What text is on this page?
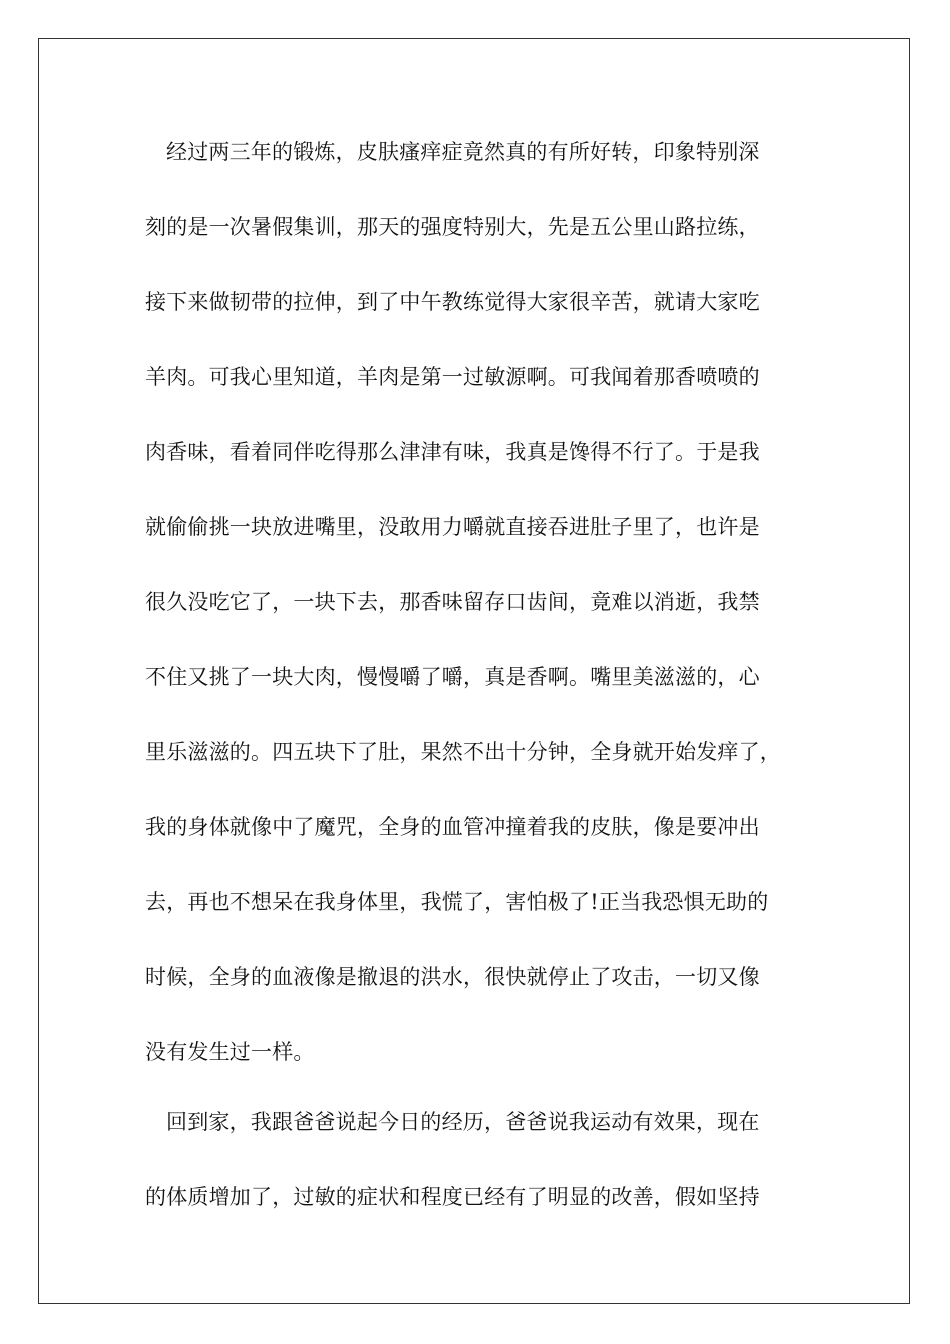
经过两三年的锻炼，皮肤瘙痒症竟然真的有所好转，印象特别深
刻的是一次暑假集训，那天的强度特别大，先是五公里山路拉练，
接下来做韧带的拉伸，到了中午教练觉得大家很辛苦，就请大家吃
羊肉。可我心里知道，羊肉是第一过敏源啊。可我闻着那香喷喷的
肉香味，看着同伴吃得那么津津有味，我真是馋得不行了。于是我
就偷偷挑一块放进嘴里，没敢用力嚼就直接吞进肚子里了，也许是
很久没吃它了，一块下去，那香味留存口齿间，竟难以消逝，我禁
不住又挑了一块大肉，慢慢嚼了嚼，真是香啊。嘴里美滋滋的，心
里乐滋滋的。四五块下了肚，果然不出十分钟，全身就开始发痒了，
我的身体就像中了魔咒，全身的血管冲撞着我的皮肤，像是要冲出
去，再也不想呆在我身体里，我慌了，害怕极了!正当我恐惧无助的
时候，全身的血液像是撤退的洪水，很快就停止了攻击，一切又像
没有发生过一样。
回到家，我跟爸爸说起今日的经历，爸爸说我运动有效果，现在
的体质增加了，过敏的症状和程度已经有了明显的改善，假如坚持
